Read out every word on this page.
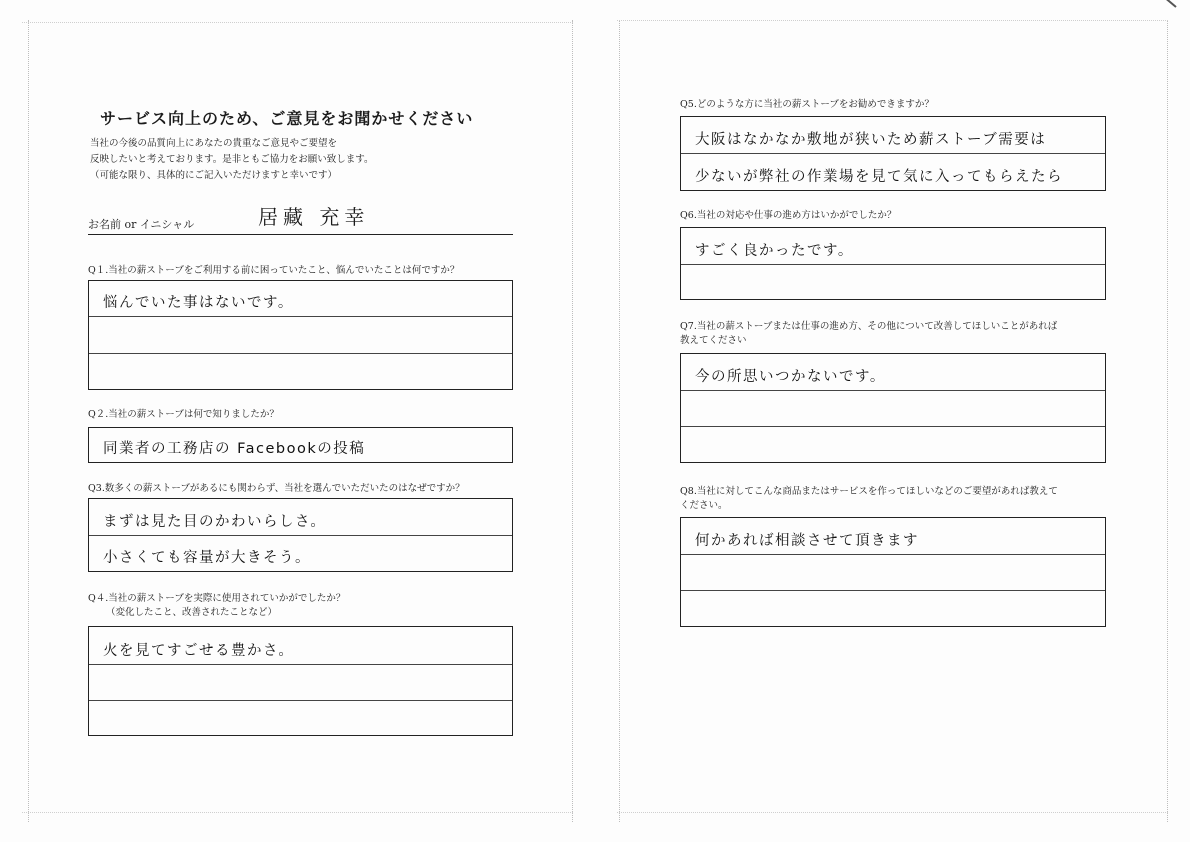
サービス向上のため、ご意見をお聞かせください
当社の今後の品質向上にあなたの貴重なご意見やご要望を
反映したいと考えております。是非ともご協力をお願い致します。
（可能な限り、具体的にご記入いただけますと幸いです）
お名前 or イニシャル	居藏 充幸
Q１.当社の薪ストーブをご利用する前に困っていたこと、悩んでいたことは何ですか？
悩んでいた事はないです。
Q２.当社の薪ストーブは何で知りましたか？
同業者の工務店の Facebookの投稿
Q3.数多くの薪ストーブがあるにも関わらず、当社を選んでいただいたのはなぜですか？
まずは見た目のかわいらしさ。
小さくても容量が大きそう。
Q４.当社の薪ストーブを実際に使用されていかがでしたか？
（変化したこと、改善されたことなど）
火を見てすごせる豊かさ。
Q5.どのような方に当社の薪ストーブをお勧めできますか？
大阪はなかなか敷地が狭いため薪ストーブ需要は
少ないが弊社の作業場を見て気に入ってもらえたら
Q6.当社の対応や仕事の進め方はいかがでしたか？
すごく良かったです。
Q7.当社の薪ストーブまたは仕事の進め方、その他について改善してほしいことがあれば
教えてください
今の所思いつかないです。
Q8.当社に対してこんな商品またはサービスを作ってほしいなどのご要望があれば教えて
ください。
何かあれば相談させて頂きます
